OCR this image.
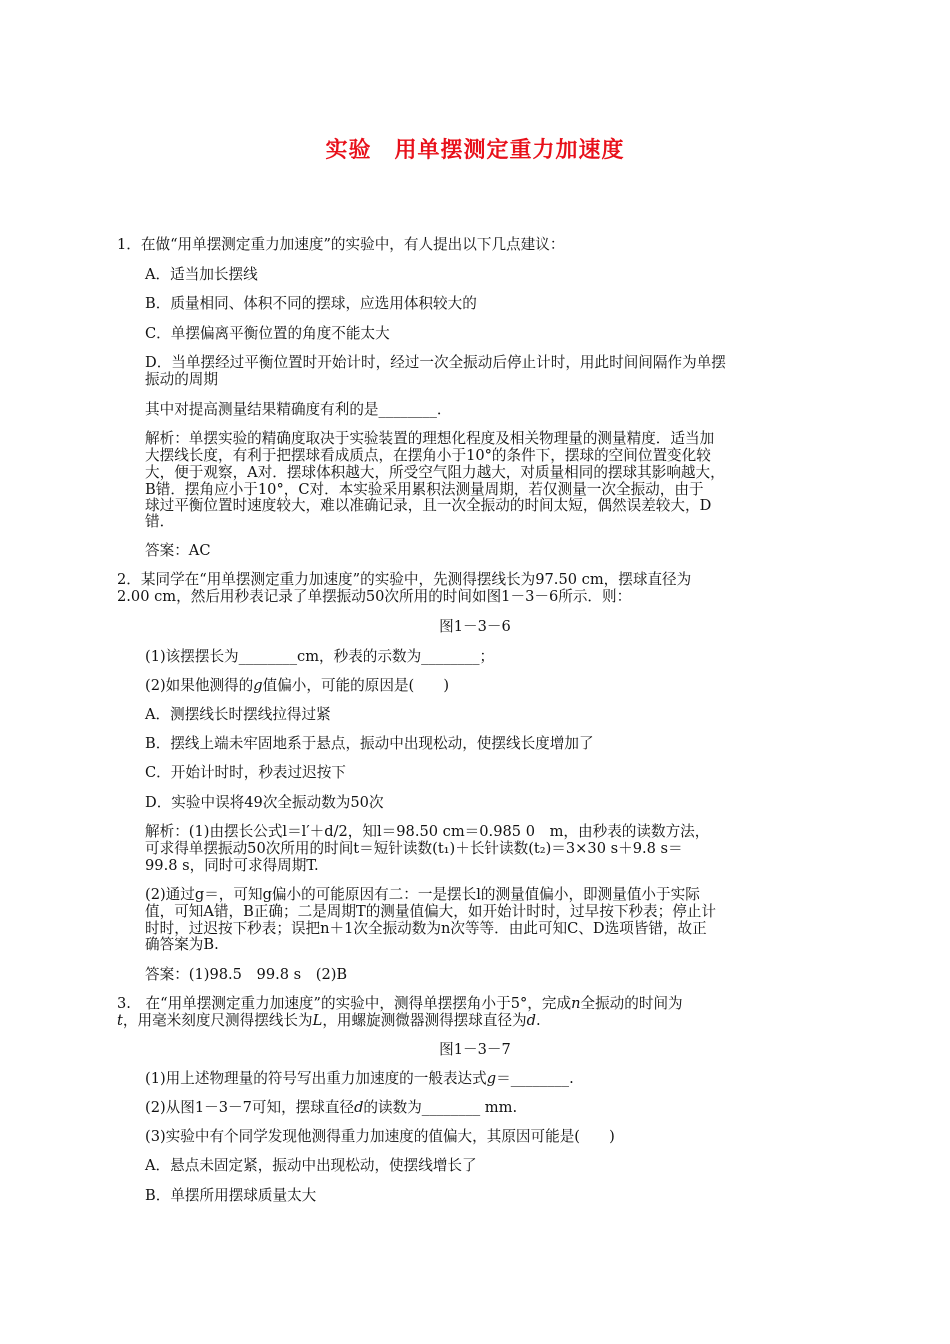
实验　用单摆测定重力加速度
1．在做“用单摆测定重力加速度”的实验中，有人提出以下几点建议：
A．适当加长摆线
B．质量相同、体积不同的摆球，应选用体积较大的
C．单摆偏离平衡位置的角度不能太大
D．当单摆经过平衡位置时开始计时，经过一次全振动后停止计时，用此时间间隔作为单摆
振动的周期
其中对提高测量结果精确度有利的是________．
解析：单摆实验的精确度取决于实验装置的理想化程度及相关物理量的测量精度．适当加
大摆线长度，有利于把摆球看成质点，在摆角小于10°的条件下，摆球的空间位置变化较
大，便于观察，A对．摆球体积越大，所受空气阻力越大，对质量相同的摆球其影响越大，
B错．摆角应小于10°，C对．本实验采用累积法测量周期，若仅测量一次全振动，由于
球过平衡位置时速度较大，难以准确记录，且一次全振动的时间太短，偶然误差较大，D
错．
答案：AC
2．某同学在“用单摆测定重力加速度”的实验中，先测得摆线长为97.50 cm，摆球直径为
2.00 cm，然后用秒表记录了单摆振动50次所用的时间如图1－3－6所示．则：
图1－3－6
(1)该摆摆长为________cm，秒表的示数为________；
(2)如果他测得的g值偏小，可能的原因是(　　)
A．测摆线长时摆线拉得过紧
B．摆线上端未牢固地系于悬点，振动中出现松动，使摆线长度增加了
C．开始计时时，秒表过迟按下
D．实验中误将49次全振动数为50次
解析：(1)由摆长公式l＝l′＋d/2，知l＝98.50 cm＝0.985 0　m，由秒表的读数方法，
可求得单摆振动50次所用的时间t＝短针读数(t₁)＋长针读数(t₂)＝3×30 s＋9.8 s＝
99.8 s，同时可求得周期T.
(2)通过g＝，可知g偏小的可能原因有二：一是摆长l的测量值偏小，即测量值小于实际
值，可知A错，B正确；二是周期T的测量值偏大，如开始计时时，过早按下秒表；停止计
时时，过迟按下秒表；误把n＋1次全振动数为n次等等．由此可知C、D选项皆错，故正
确答案为B.
答案：(1)98.5　99.8 s　(2)B
3.　在“用单摆测定重力加速度”的实验中，测得单摆摆角小于5°，完成n全振动的时间为
t，用毫米刻度尺测得摆线长为L，用螺旋测微器测得摆球直径为d.
图1－3－7
(1)用上述物理量的符号写出重力加速度的一般表达式g＝________.
(2)从图1－3－7可知，摆球直径d的读数为________ mm.
(3)实验中有个同学发现他测得重力加速度的值偏大，其原因可能是(　　)
A．悬点未固定紧，振动中出现松动，使摆线增长了
B．单摆所用摆球质量太大
